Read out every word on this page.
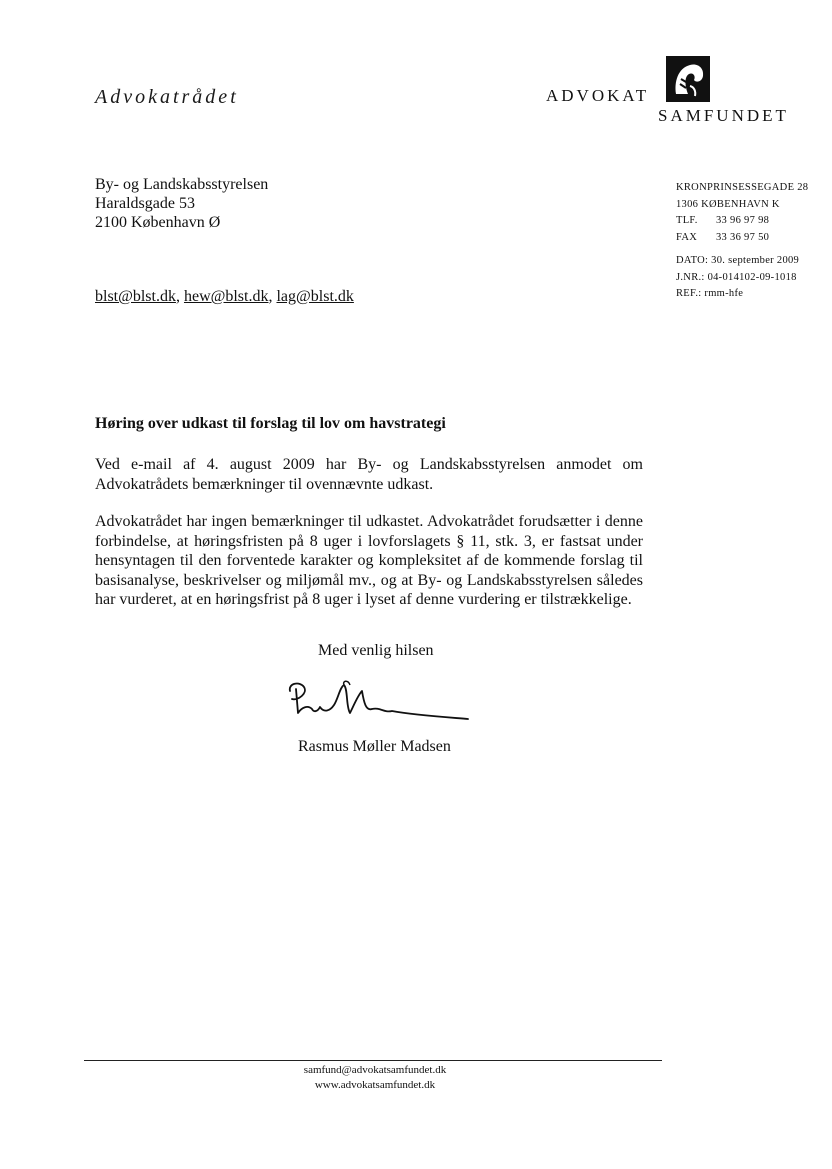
Advokatrådet	ADVOKAT
SAMFUNDET
By- og Landskabsstyrelsen
Haraldsgade 53
2100 København Ø
KRONPRINSESSEGADE 28
1306 KØBENHAVN K
TLF. 33 96 97 98
FAX 33 36 97 50
DATO: 30. september 2009
J.NR.: 04-014102-09-1018
REF.: rmm-hfe
blst@blst.dk, hew@blst.dk, lag@blst.dk
Høring over udkast til forslag til lov om havstrategi
Ved e-mail af 4. august 2009 har By- og Landskabsstyrelsen anmodet om Advokatrådets bemærkninger til ovennævnte udkast.
Advokatrådet har ingen bemærkninger til udkastet. Advokatrådet forudsætter i denne forbindelse, at høringsfristen på 8 uger i lovforslagets § 11, stk. 3, er fastsat under hensyntagen til den forventede karakter og kompleksitet af de kommende forslag til basisanalyse, beskrivelser og miljømål mv., og at By- og Landskabsstyrelsen således har vurderet, at en høringsfrist på 8 uger i lyset af denne vurdering er tilstrækkelige.
Med venlig hilsen
Rasmus Møller Madsen
samfund@advokatsamfundet.dk
www.advokatsamfundet.dk
